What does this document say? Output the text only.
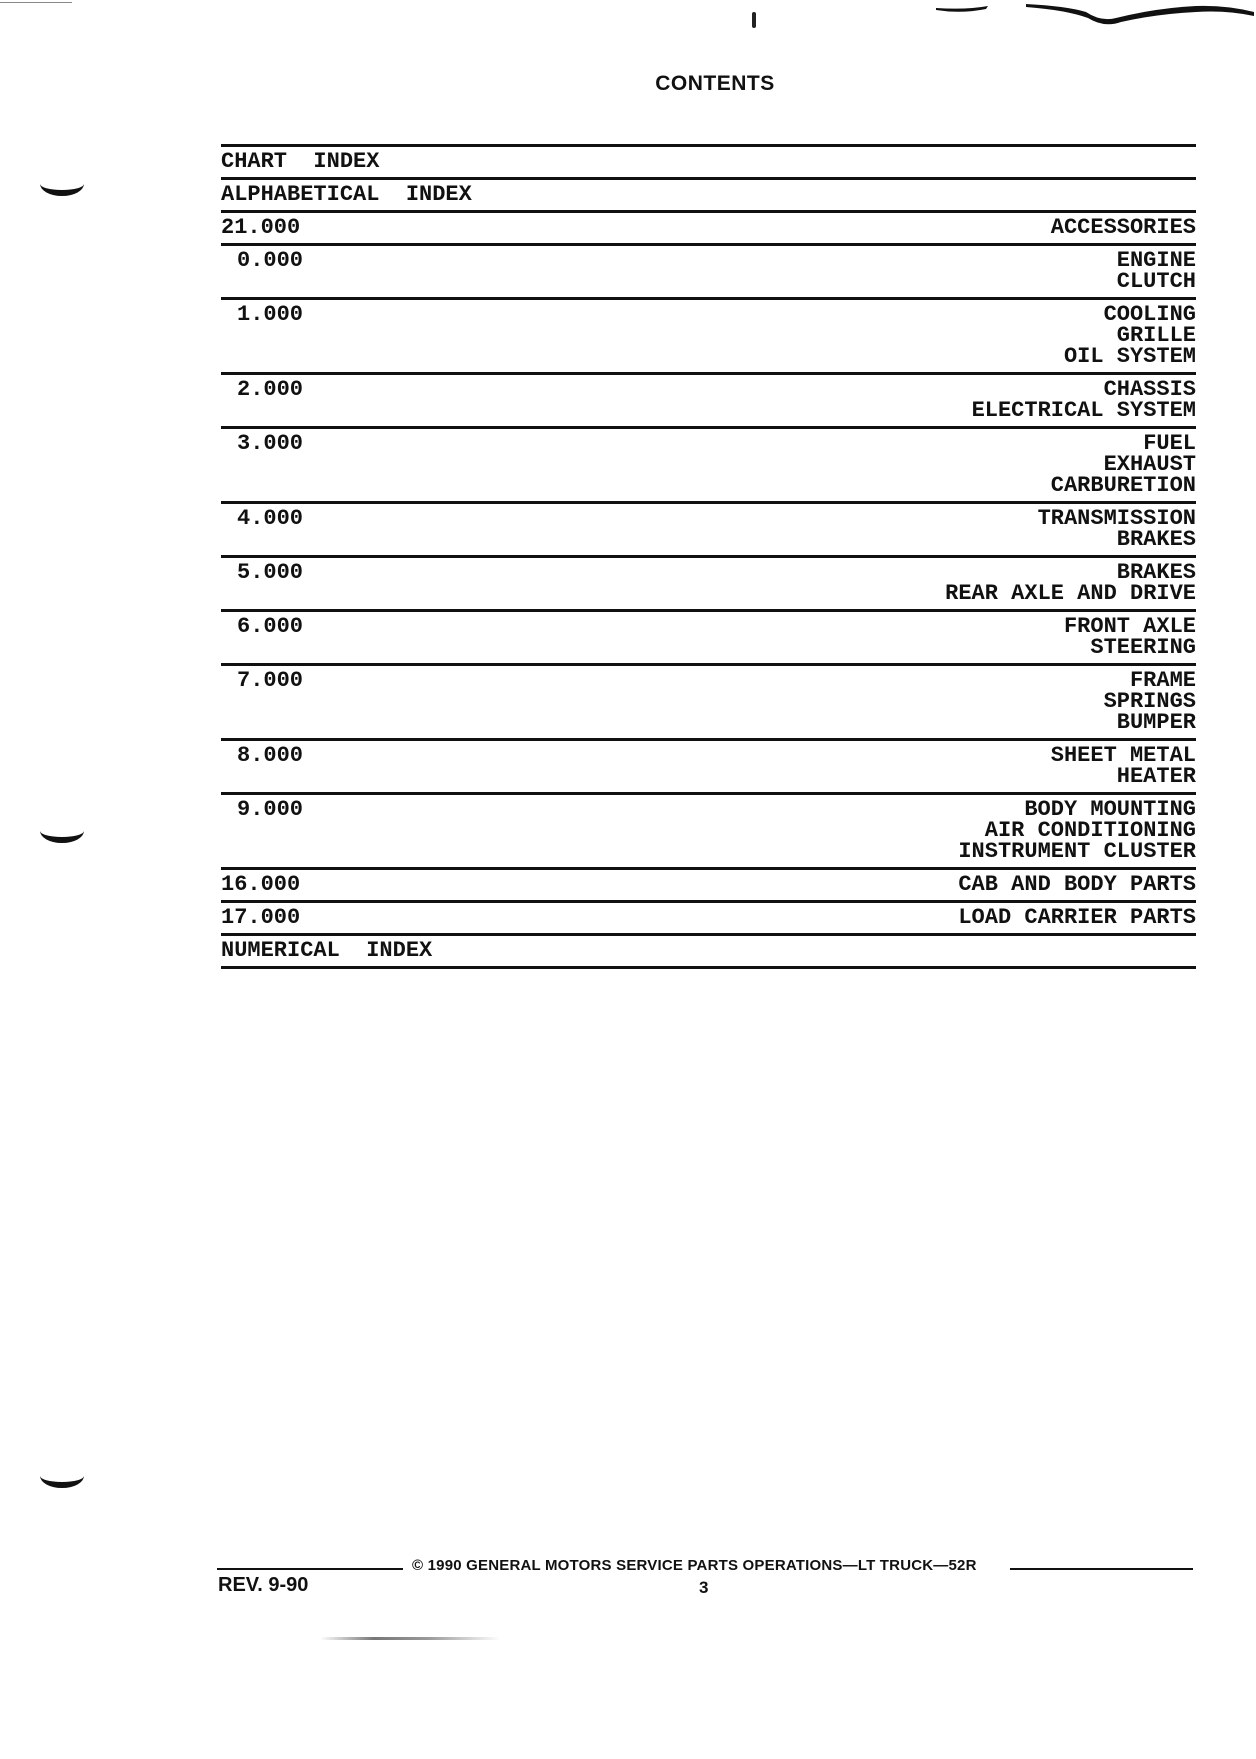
CONTENTS
CHART  INDEX
ALPHABETICAL  INDEX
21.000	ACCESSORIES
0.000	ENGINE
CLUTCH
1.000	COOLING
GRILLE
OIL SYSTEM
2.000	CHASSIS
ELECTRICAL SYSTEM
3.000	FUEL
EXHAUST
CARBURETION
4.000	TRANSMISSION
BRAKES
5.000	BRAKES
REAR AXLE AND DRIVE
6.000	FRONT AXLE
STEERING
7.000	FRAME
SPRINGS
BUMPER
8.000	SHEET METAL
HEATER
9.000	BODY MOUNTING
AIR CONDITIONING
INSTRUMENT CLUSTER
16.000	CAB AND BODY PARTS
17.000	LOAD CARRIER PARTS
NUMERICAL  INDEX
© 1990 GENERAL MOTORS SERVICE PARTS OPERATIONS—LT TRUCK—52R
REV. 9-90	3
